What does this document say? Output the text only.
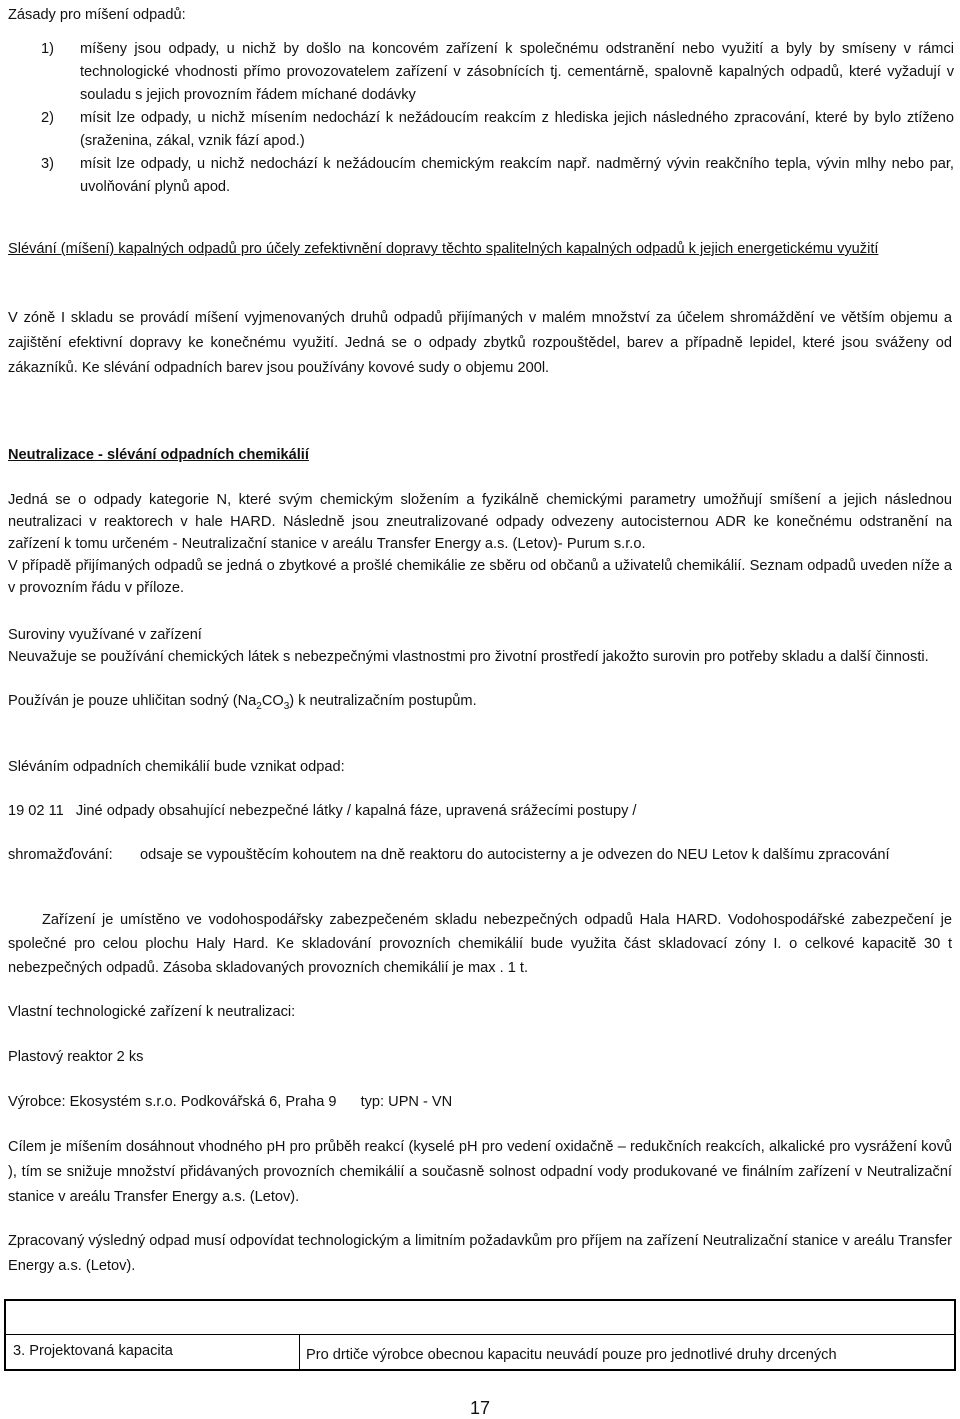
Zásady pro míšení odpadů:
1) míšeny jsou odpady, u nichž by došlo na koncovém zařízení k společnému odstranění nebo využití a byly by smíseny v rámci technologické vhodnosti přímo provozovatelem zařízení v zásobnících tj. cementárně, spalovně kapalných odpadů, které vyžadují v souladu s jejich provozním řádem míchané dodávky
2) mísit lze odpady, u nichž mísením nedochází k nežádoucím reakcím z hlediska jejich následného zpracování, které by bylo ztíženo (sraženina, zákal, vznik fází apod.)
3) mísit lze odpady, u nichž nedochází k nežádoucím chemickým reakcím např. nadměrný vývin reakčního tepla, vývin mlhy nebo par, uvolňování plynů apod.
Slévání (míšení) kapalných odpadů pro účely zefektivnění dopravy těchto spalitelných kapalných odpadů k jejich energetickému využití
V zóně I skladu se provádí míšení vyjmenovaných druhů odpadů přijímaných v malém množství za účelem shromáždění ve větším objemu a zajištění efektivní dopravy ke konečnému využití. Jedná se o odpady zbytků rozpouštědel, barev a případně lepidel, které jsou sváženy od zákazníků. Ke slévání odpadních barev jsou používány kovové sudy o objemu 200l.
Neutralizace - slévání odpadních chemikálií
Jedná se o odpady kategorie N, které svým chemickým složením a fyzikálně chemickými parametry umožňují smíšení a jejich následnou neutralizaci v reaktorech v hale HARD. Následně jsou zneutralizované odpady odvezeny autocisternou ADR ke konečnému odstranění na zařízení k tomu určeném - Neutralizační stanice v areálu Transfer Energy a.s. (Letov)- Purum s.r.o.
V případě přijímaných odpadů se jedná o zbytkové a prošlé chemikálie ze sběru od občanů a uživatelů chemikálií. Seznam odpadů uveden níže a v provozním řádu v příloze.
Suroviny využívané v zařízení
Neuvažuje se používání chemických látek s nebezpečnými vlastnostmi pro životní prostředí jakožto surovin pro potřeby skladu a další činnosti.
Používán je pouze uhličitan sodný $(Na_2CO_3)$ k neutralizačním postupům.
Sléváním odpadních chemikálií bude vznikat odpad:
19 02 11   Jiné odpady obsahující nebezpečné látky / kapalná fáze, upravená srážecími postupy /
shromažďování:	odsaje se vypouštěcím kohoutem na dně reaktoru do autocisterny a je odvezen do NEU Letov k dalšímu zpracování
Zařízení je umístěno ve vodohospodářsky zabezpečeném skladu nebezpečných odpadů Hala HARD. Vodohospodářské zabezpečení je společné pro celou plochu Haly Hard. Ke skladování provozních chemikálií bude využita část skladovací zóny I. o celkové kapacitě 30 t nebezpečných odpadů. Zásoba skladovaných provozních chemikálií je max . 1 t.
Vlastní technologické zařízení k neutralizaci:
Plastový reaktor 2 ks
Výrobce: Ekosystém s.r.o. Podkovářská 6, Praha 9 typ: UPN - VN
Cílem je míšením dosáhnout vhodného pH pro průběh reakcí (kyselé pH pro vedení oxidačně – redukčních reakcích, alkalické pro vysrážení kovů ), tím se snižuje množství přidávaných provozních chemikálií a současně solnost odpadní vody produkované ve finálním zařízení v Neutralizační stanice v areálu Transfer Energy a.s. (Letov).
Zpracovaný výsledný odpad musí odpovídat technologickým a limitním požadavkům pro příjem na zařízení Neutralizační stanice v areálu Transfer Energy a.s. (Letov).
3. Projektovaná kapacita	Pro drtiče výrobce obecnou kapacitu neuvádí pouze pro jednotlivé druhy drcených
17
